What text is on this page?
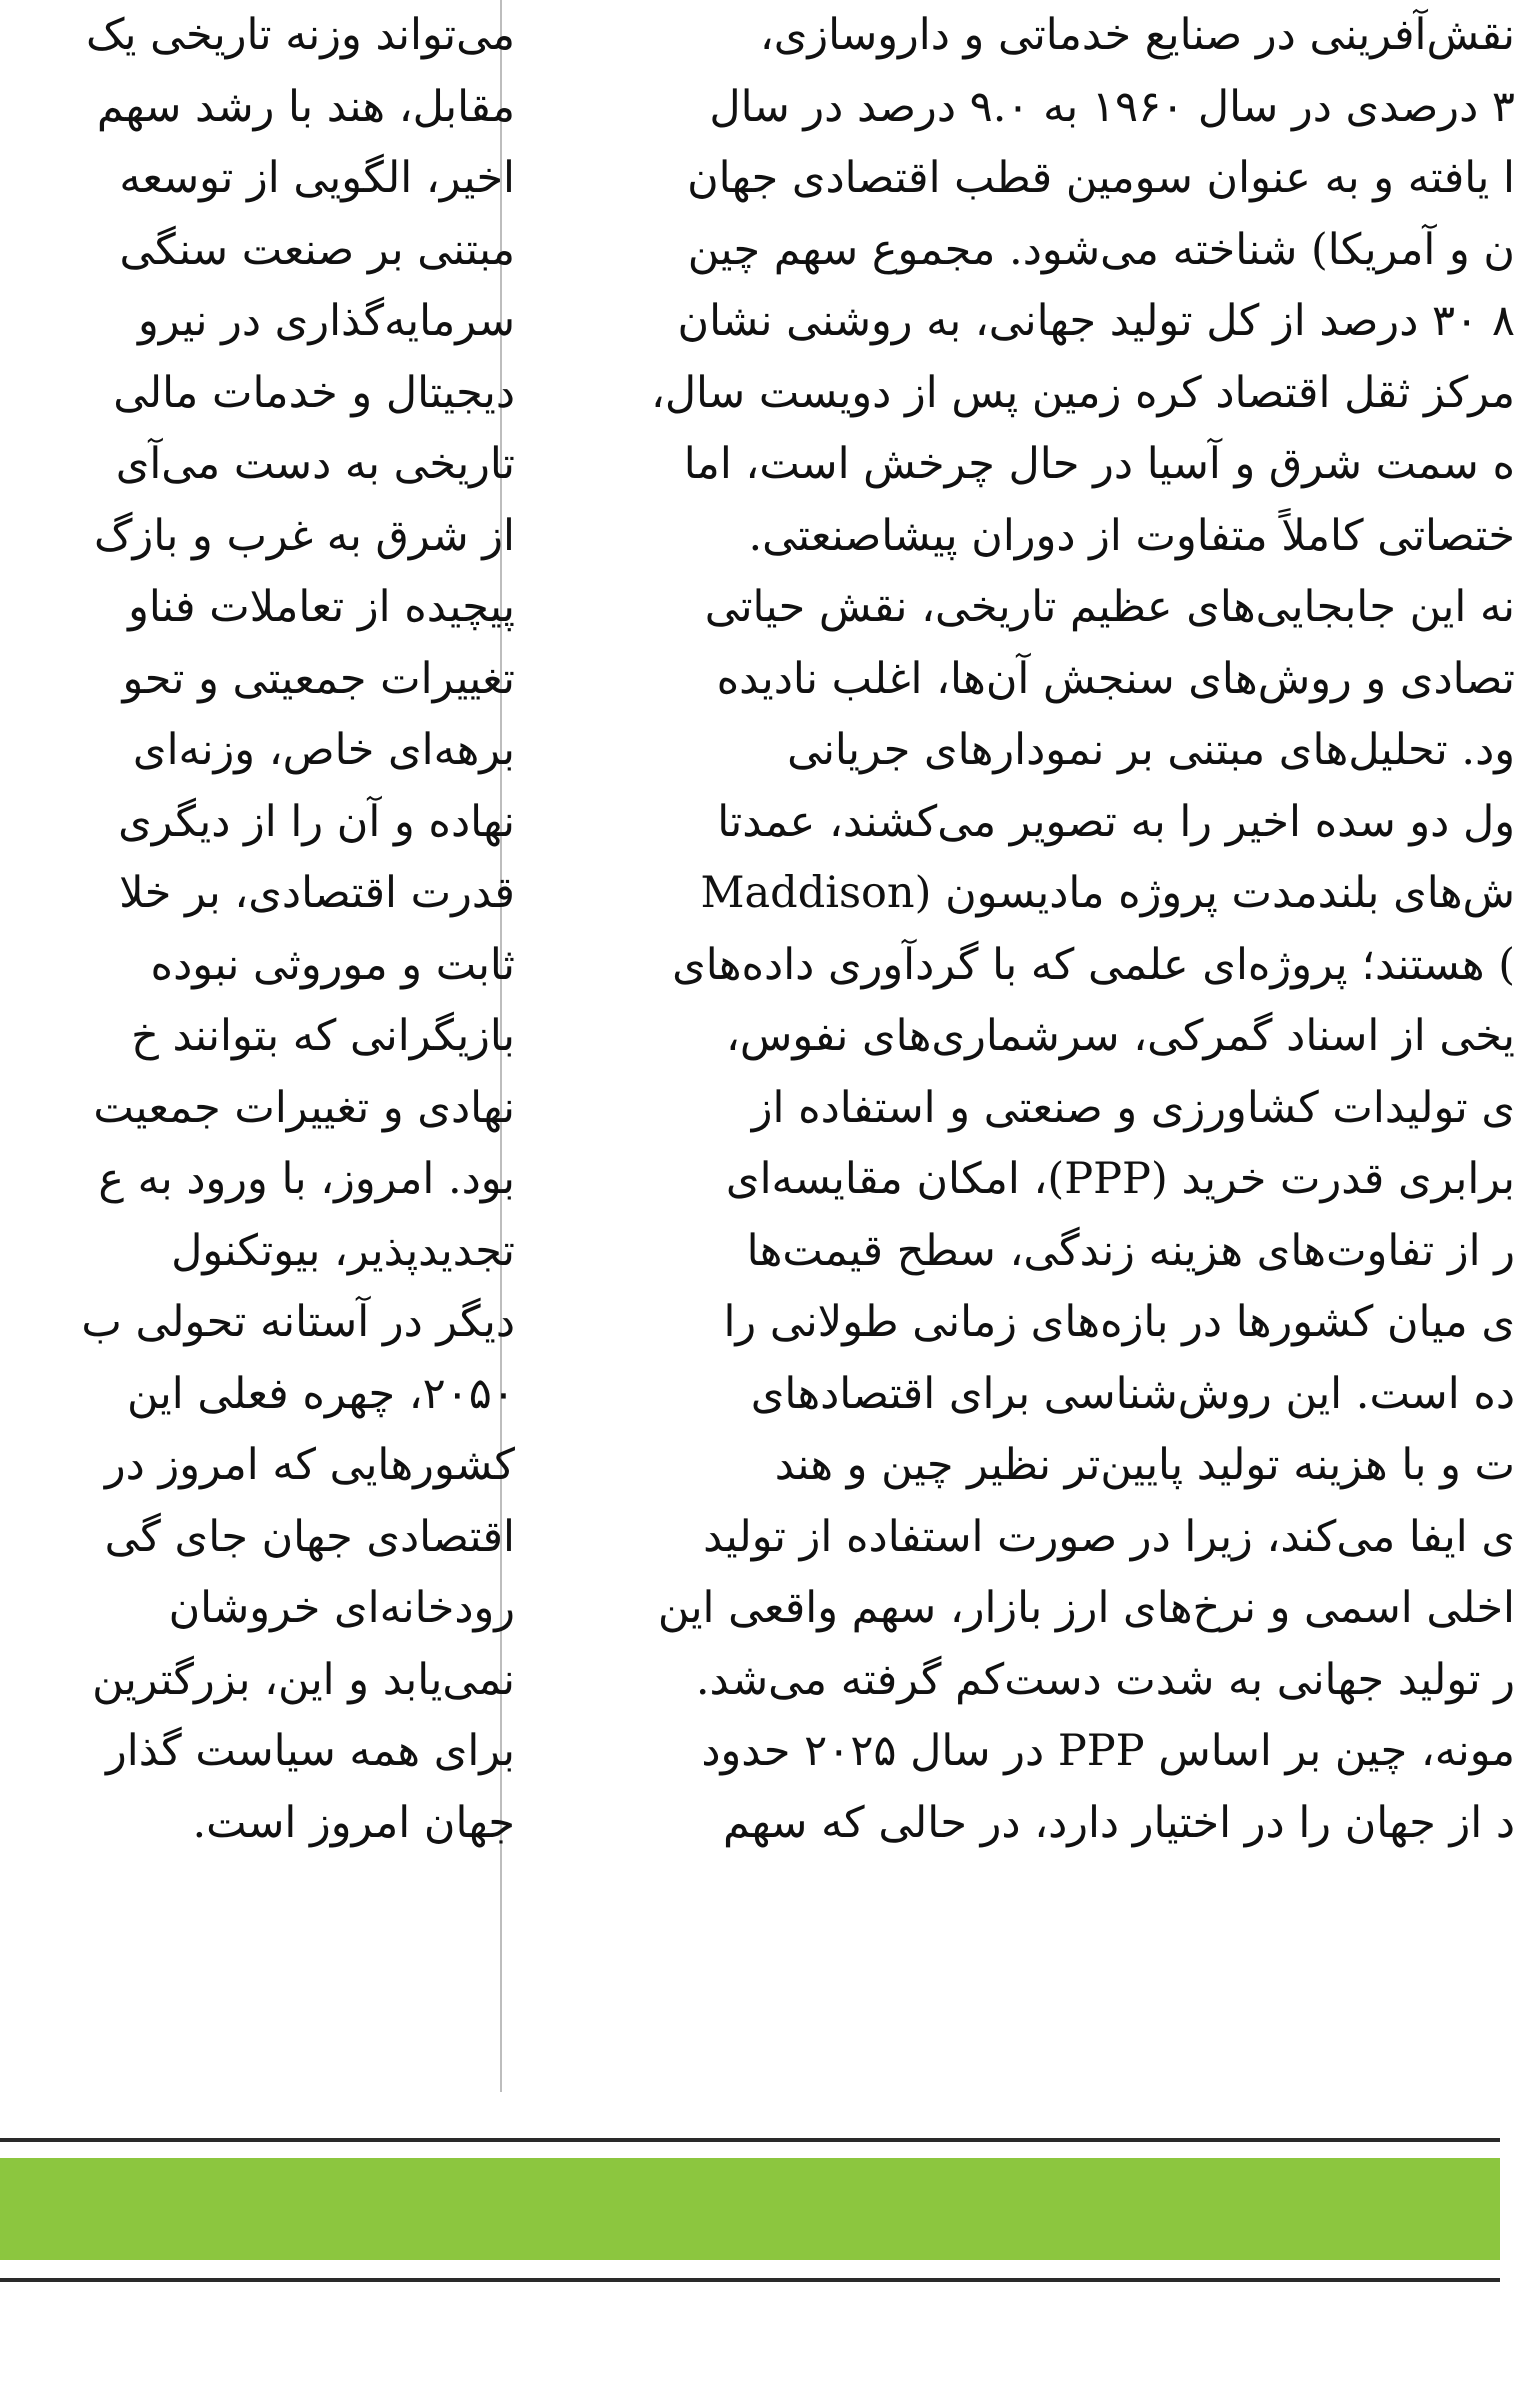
نقش‌آفرینی در صنایع خدماتی و داروسازی،
۳ درصدی در سال ۱۹۶۰ به ۹.۰ درصد در سال
ا یافته و به عنوان سومین قطب اقتصادی جهان
ن و آمریکا) شناخته می‌شود. مجموع سهم چین
۸ ۳۰ درصد از کل تولید جهانی، به روشنی نشان
مرکز ثقل اقتصاد کره زمین پس از دویست سال،
ه سمت شرق و آسیا در حال چرخش است، اما
ختصاتی کاملاً متفاوت از دوران پیشاصنعتی.
نه این جابجایی‌های عظیم تاریخی، نقش حیاتی
تصادی و روش‌های سنجش آن‌ها، اغلب نادیده
ود. تحلیل‌های مبتنی بر نمودارهای جریانی
ول دو سده اخیر را به تصویر می‌کشند، عمدتا
ش‌های بلندمدت پروژه مادیسون (Maddison
) هستند؛ پروژه‌ای علمی که با گردآوری داده‌های
یخی از اسناد گمرکی، سرشماری‌های نفوس،
ی تولیدات کشاورزی و صنعتی و استفاده از
برابری قدرت خرید (PPP)، امکان مقایسه‌ای
ر از تفاوت‌های هزینه زندگی، سطح قیمت‌ها
ی میان کشورها در بازه‌های زمانی طولانی را
ده است. این روش‌شناسی برای اقتصادهای
ت و با هزینه تولید پایین‌تر نظیر چین و هند
ی ایفا می‌کند، زیرا در صورت استفاده از تولید
اخلی اسمی و نرخ‌های ارز بازار، سهم واقعی این
ر تولید جهانی به شدت دست‌کم گرفته می‌شد.
مونه، چین بر اساس PPP در سال ۲۰۲۵ حدود
د از جهان را در اختیار دارد، در حالی که سهم
می‌تواند وزنه تاریخی یک
مقابل، هند با رشد سهم
اخیر، الگویی از توسعه
مبتنی بر صنعت سنگی
سرمایه‌گذاری در نیرو
دیجیتال و خدمات مالی
تاریخی به دست می‌آی
از شرق به غرب و بازگ
پیچیده از تعاملات فناو
تغییرات جمعیتی و تحو
برهه‌ای خاص، وزنه‌ای
نهاده و آن را از دیگری
قدرت اقتصادی، بر خلا
ثابت و موروثی نبوده
بازیگرانی که بتوانند خ
نهادی و تغییرات جمعیت
بود. امروز، با ورود به ع
تجدیدپذیر، بیوتکنول
دیگر در آستانه تحولی ب
۲۰۵۰، چهره فعلی این
کشورهایی که امروز در
اقتصادی جهان جای گی
رودخانه‌ای خروشان
نمی‌یابد و این، بزرگترین
برای همه سیاست گذار
جهان امروز است.
